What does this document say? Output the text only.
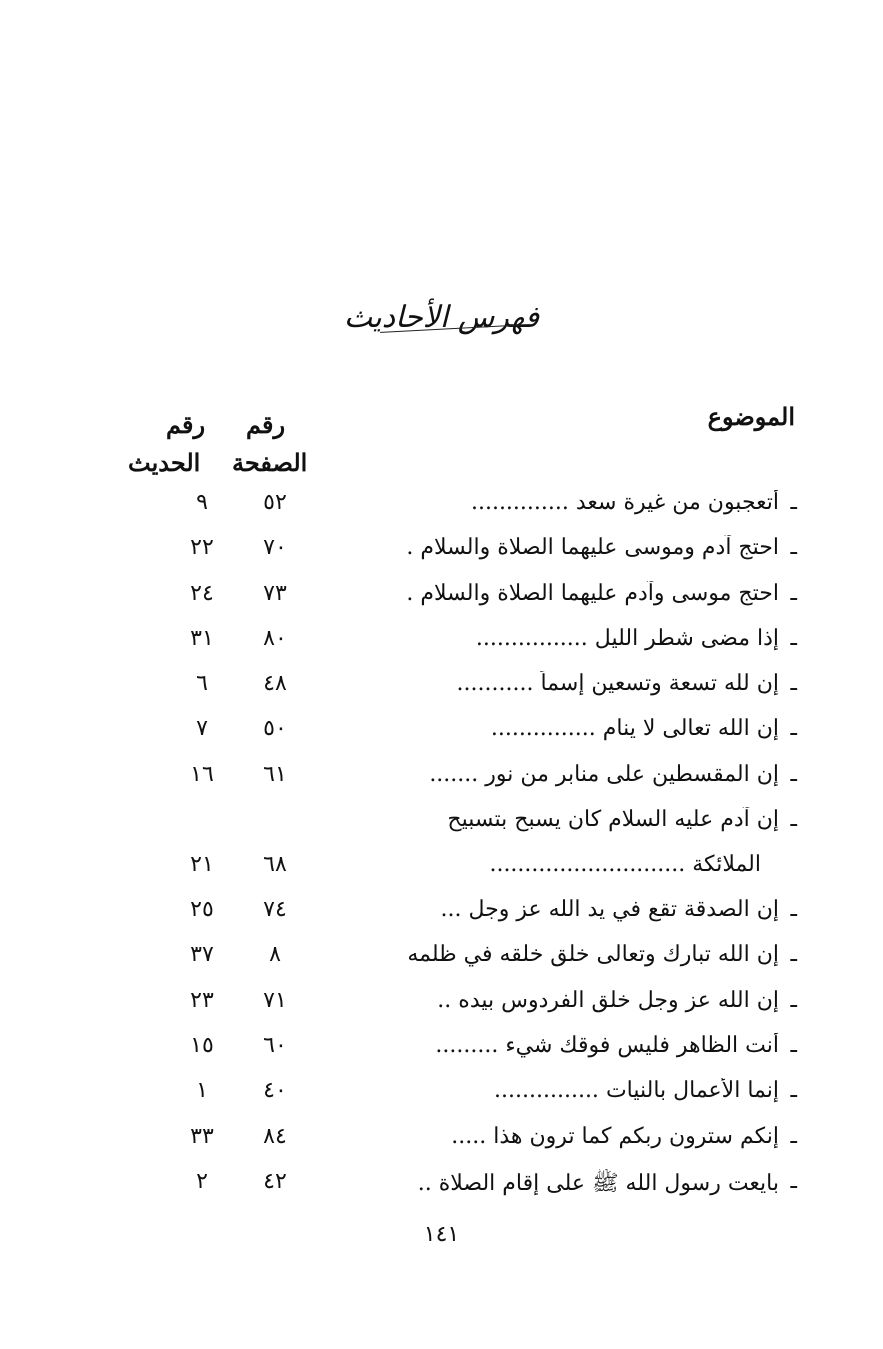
فهرس الأحاديث
الموضوع
رقم
الصفحة
رقم
الحديث
ـ
أتعجبون من غيرة سعد ..............
٥٢
٩
ـ
احتج آدم وموسى عليهما الصلاة والسلام .
٧٠
٢٢
ـ
احتج موسى وآدم عليهما الصلاة والسلام .
٧٣
٢٤
ـ
إذا مضى شطر الليل ................
٨٠
٣١
ـ
إن لله تسعة وتسعين إسماً ...........
٤٨
٦
ـ
إن الله تعالى لا ينام ...............
٥٠
٧
ـ
إن المقسطين على منابر من نور .......
٦١
١٦
ـ
إن آدم عليه السلام كان يسبح بتسبيح
الملائكة ............................
٦٨
٢١
ـ
إن الصدقة تقع في يد الله عز وجل ...
٧٤
٢٥
ـ
إن الله تبارك وتعالى خلق خلقه في ظلمه
٨
٣٧
ـ
إن الله عز وجل خلق الفردوس بيده ..
٧١
٢٣
ـ
أنت الظاهر فليس فوقك شيء .........
٦٠
١٥
ـ
إنما الأعمال بالنيات ...............
٤٠
١
ـ
إنكم سترون ربكم كما ترون هذا .....
٨٤
٣٣
ـ
بايعت رسول الله ﷺ على إقام الصلاة ..
٤٢
٢
١٤١
